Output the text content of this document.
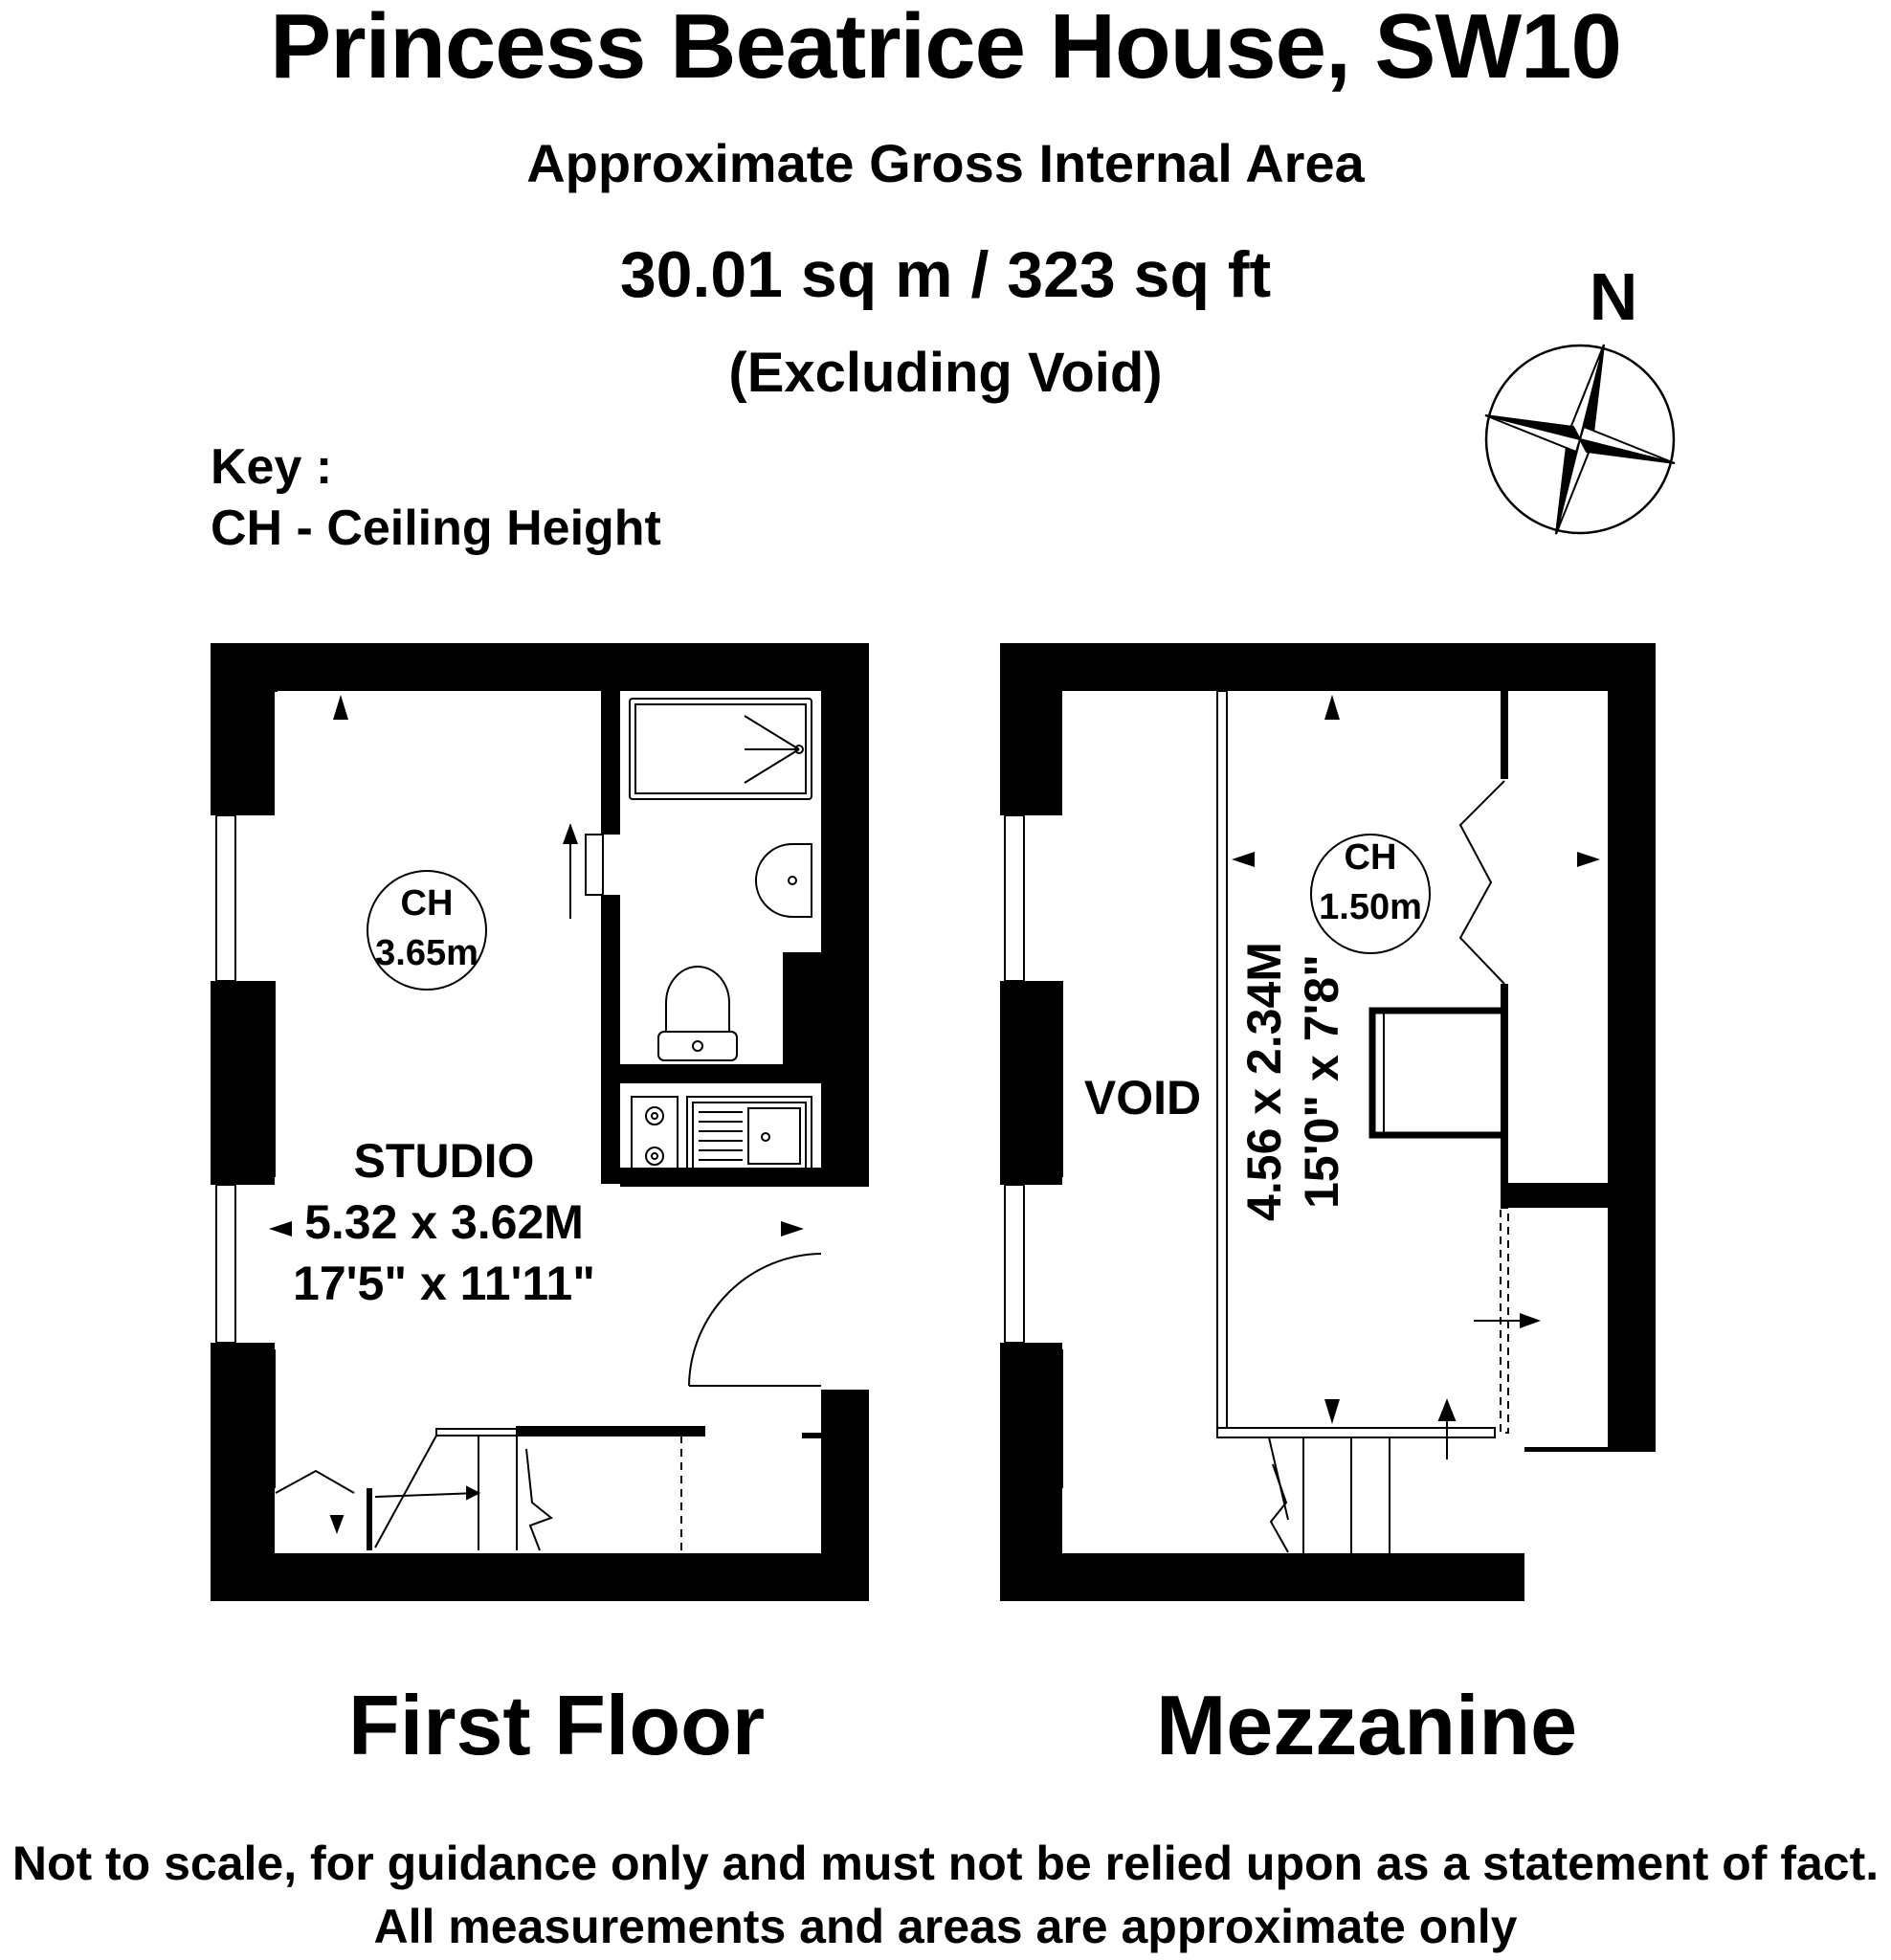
Princess Beatrice House, SW10
Approximate Gross Internal Area
30.01 sq m / 323 sq ft
(Excluding Void)
Key :
CH - Ceiling Height
N
CH
3.65m
STUDIO
5.32 x 3.62M
17'5" x 11'11"
CH
1.50m
VOID 4.56 x 2.34M 15'0" x 7'8"
First Floor	Mezzanine
Not to scale, for guidance only and must not be relied upon as a statement of fact.
All measurements and areas are approximate only
